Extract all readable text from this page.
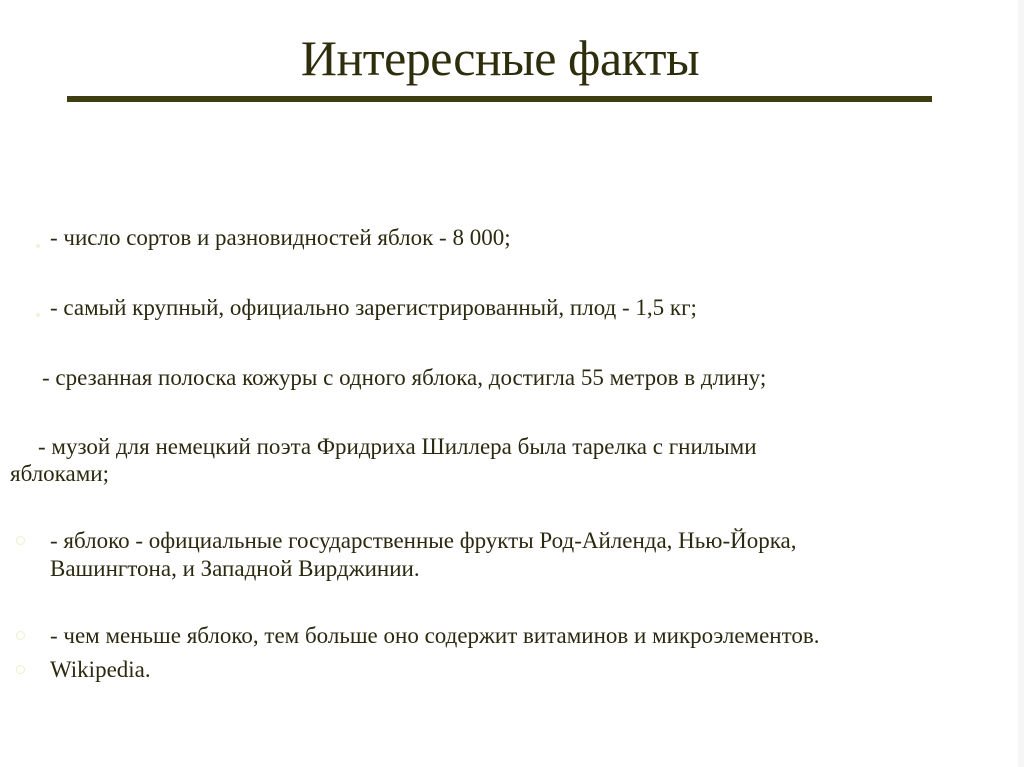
Интересные факты
- число сортов и разновидностей яблок - 8 000;
- самый крупный, официально зарегистрированный, плод - 1,5 кг;
- срезанная полоска кожуры с одного яблока, достигла 55 метров в длину;
- музой для немецкий поэта Фридриха Шиллера была тарелка с гнилыми
яблоками;
- яблоко - официальные государственные фрукты Род-Айленда, Нью-Йорка,
Вашингтона, и Западной Вирджинии.
- чем меньше яблоко, тем больше оно содержит витаминов и микроэлементов.
Wikipedia.
